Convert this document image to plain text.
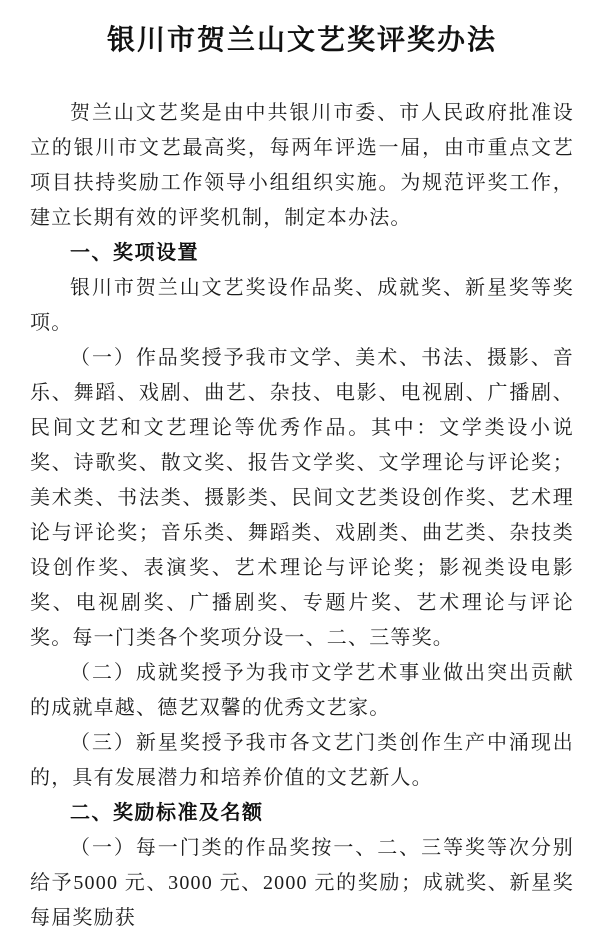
银川市贺兰山文艺奖评奖办法

贺兰山文艺奖是由中共银川市委、市人民政府批准设立的银川市文艺最高奖，每两年评选一届，由市重点文艺项目扶持奖励工作领导小组组织实施。为规范评奖工作，建立长期有效的评奖机制，制定本办法。

一、奖项设置

银川市贺兰山文艺奖设作品奖、成就奖、新星奖等奖项。

（一）作品奖授予我市文学、美术、书法、摄影、音乐、舞蹈、戏剧、曲艺、杂技、电影、电视剧、广播剧、民间文艺和文艺理论等优秀作品。其中：文学类设小说奖、诗歌奖、散文奖、报告文学奖、文学理论与评论奖；美术类、书法类、摄影类、民间文艺类设创作奖、艺术理论与评论奖；音乐类、舞蹈类、戏剧类、曲艺类、杂技类设创作奖、表演奖、艺术理论与评论奖；影视类设电影奖、电视剧奖、广播剧奖、专题片奖、艺术理论与评论奖。每一门类各个奖项分设一、二、三等奖。

（二）成就奖授予为我市文学艺术事业做出突出贡献的成就卓越、德艺双馨的优秀文艺家。

（三）新星奖授予我市各文艺门类创作生产中涌现出的，具有发展潜力和培养价值的文艺新人。

二、奖励标准及名额

（一）每一门类的作品奖按一、二、三等奖等次分别给予5000 元、3000 元、2000 元的奖励；成就奖、新星奖每届奖励获
